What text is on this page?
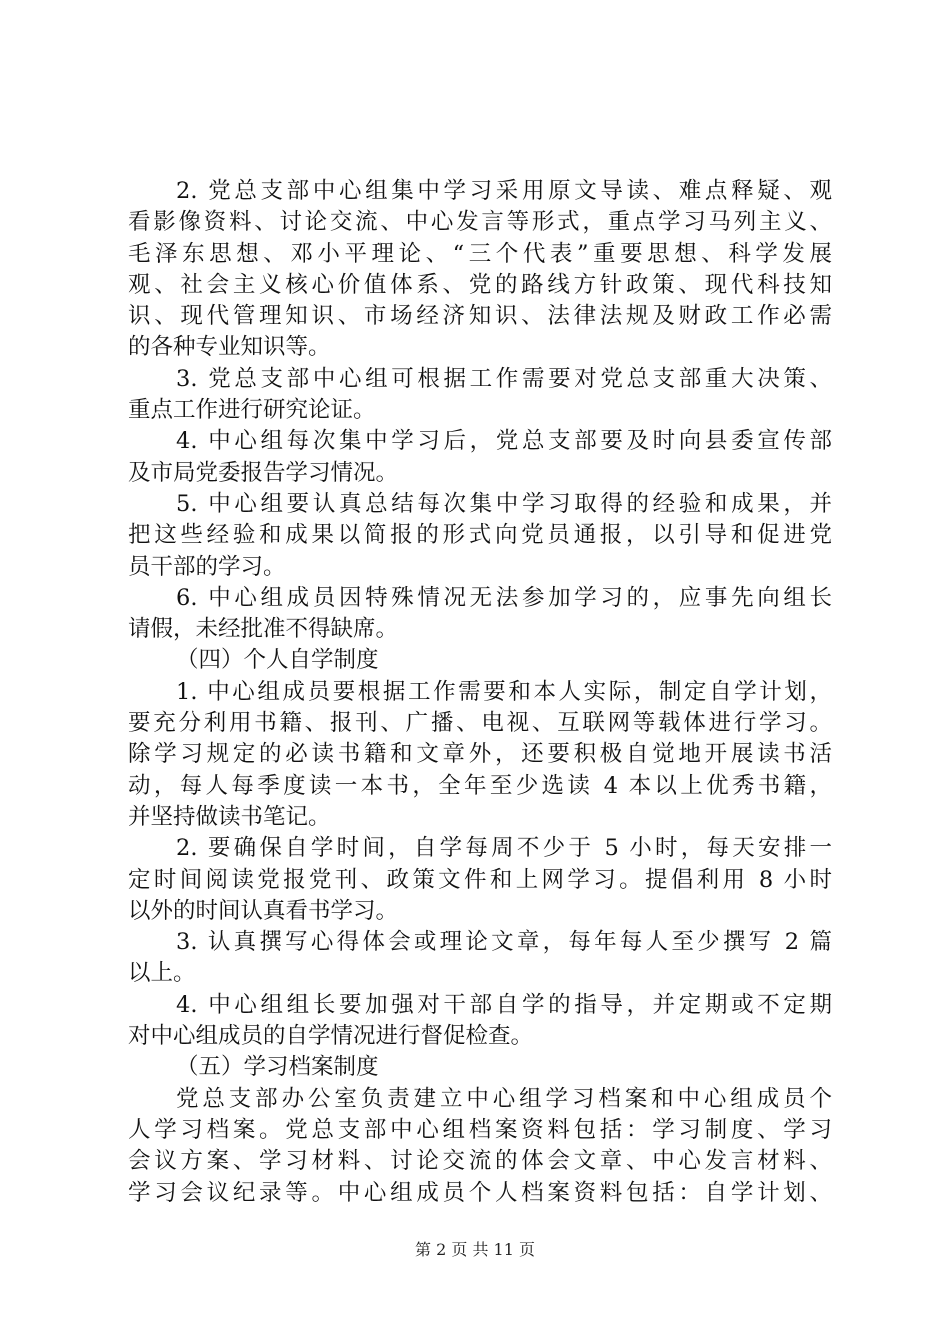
2. 党总支部中心组集中学习采用原文导读、难点释疑、观
看影像资料、讨论交流、中心发言等形式，重点学习马列主义、
毛泽东思想、邓小平理论、“三个代表”重要思想、科学发展
观、社会主义核心价值体系、党的路线方针政策、现代科技知
识、现代管理知识、市场经济知识、法律法规及财政工作必需
的各种专业知识等。
3. 党总支部中心组可根据工作需要对党总支部重大决策、
重点工作进行研究论证。
4. 中心组每次集中学习后，党总支部要及时向县委宣传部
及市局党委报告学习情况。
5. 中心组要认真总结每次集中学习取得的经验和成果，并
把这些经验和成果以简报的形式向党员通报，以引导和促进党
员干部的学习。
6. 中心组成员因特殊情况无法参加学习的，应事先向组长
请假，未经批准不得缺席。
（四）个人自学制度
1. 中心组成员要根据工作需要和本人实际，制定自学计划，
要充分利用书籍、报刊、广播、电视、互联网等载体进行学习。
除学习规定的必读书籍和文章外，还要积极自觉地开展读书活
动，每人每季度读一本书，全年至少选读 4 本以上优秀书籍，
并坚持做读书笔记。
2. 要确保自学时间，自学每周不少于 5 小时，每天安排一
定时间阅读党报党刊、政策文件和上网学习。提倡利用 8 小时
以外的时间认真看书学习。
3. 认真撰写心得体会或理论文章，每年每人至少撰写 2 篇
以上。
4. 中心组组长要加强对干部自学的指导，并定期或不定期
对中心组成员的自学情况进行督促检查。
（五）学习档案制度
党总支部办公室负责建立中心组学习档案和中心组成员个
人学习档案。党总支部中心组档案资料包括：学习制度、学习
会议方案、学习材料、讨论交流的体会文章、中心发言材料、
学习会议纪录等。中心组成员个人档案资料包括：自学计划、
第 2 页 共 11 页
